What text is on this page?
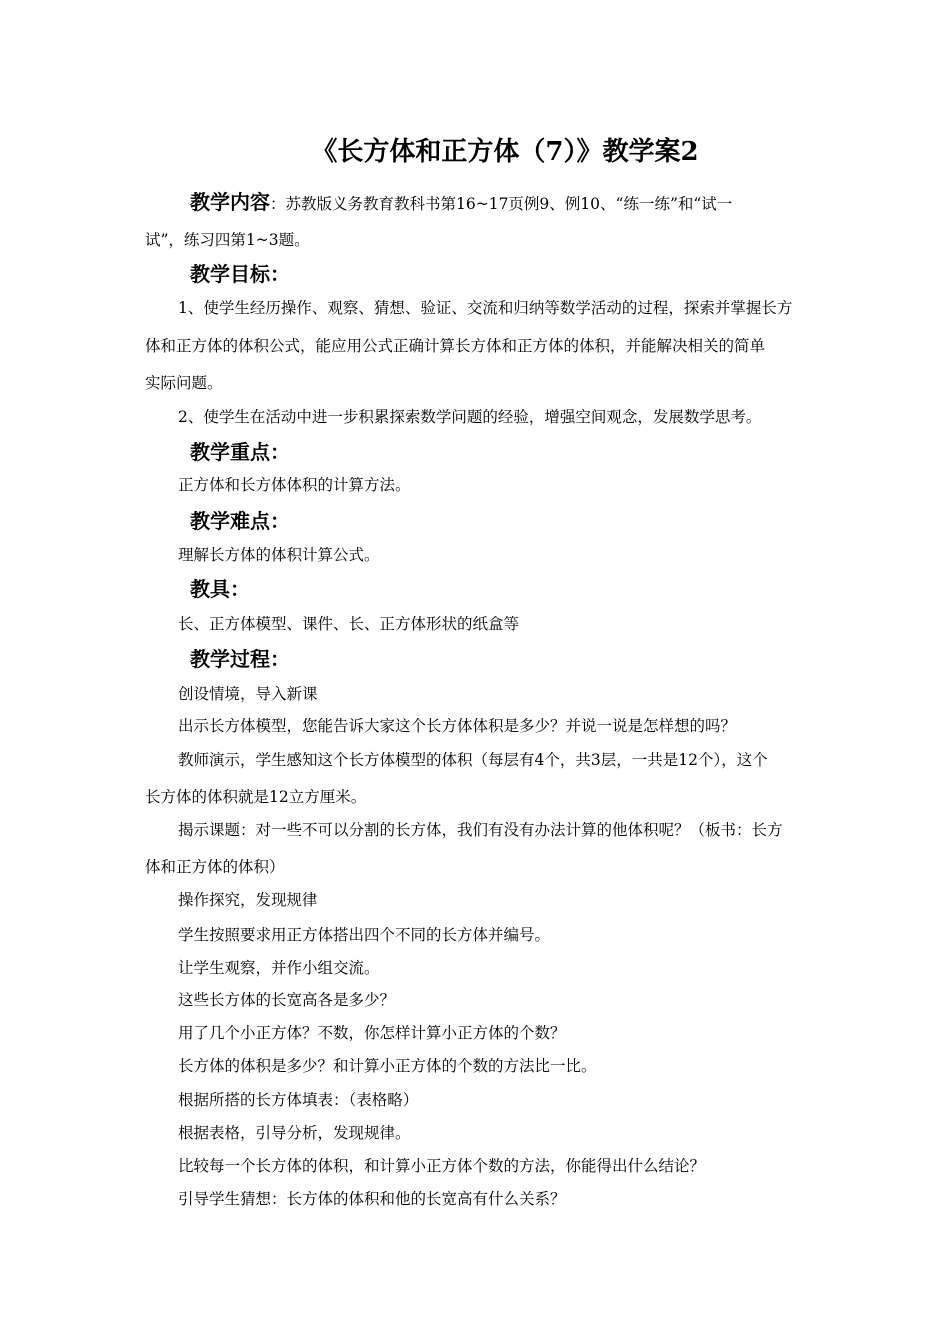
《长方体和正方体（7）》教学案2
教学内容：苏教版义务教育教科书第16~17页例9、例10、“练一练”和“试一
试”，练习四第1~3题。
教学目标：
1、使学生经历操作、观察、猜想、验证、交流和归纳等数学活动的过程，探索并掌握长方
体和正方体的体积公式，能应用公式正确计算长方体和正方体的体积，并能解决相关的简单
实际问题。
2、使学生在活动中进一步积累探索数学问题的经验，增强空间观念，发展数学思考。
教学重点：
正方体和长方体体积的计算方法。
教学难点：
理解长方体的体积计算公式。
教具：
长、正方体模型、课件、长、正方体形状的纸盒等
教学过程：
创设情境，导入新课
出示长方体模型，您能告诉大家这个长方体体积是多少？并说一说是怎样想的吗？
教师演示，学生感知这个长方体模型的体积（每层有4个，共3层，一共是12个），这个
长方体的体积就是12立方厘米。
揭示课题：对一些不可以分割的长方体，我们有没有办法计算的他体积呢？（板书：长方
体和正方体的体积）
操作探究，发现规律
学生按照要求用正方体搭出四个不同的长方体并编号。
让学生观察，并作小组交流。
这些长方体的长宽高各是多少？
用了几个小正方体？不数，你怎样计算小正方体的个数？
长方体的体积是多少？和计算小正方体的个数的方法比一比。
根据所搭的长方体填表：（表格略）
根据表格，引导分析，发现规律。
比较每一个长方体的体积，和计算小正方体个数的方法，你能得出什么结论？
引导学生猜想：长方体的体积和他的长宽高有什么关系？
